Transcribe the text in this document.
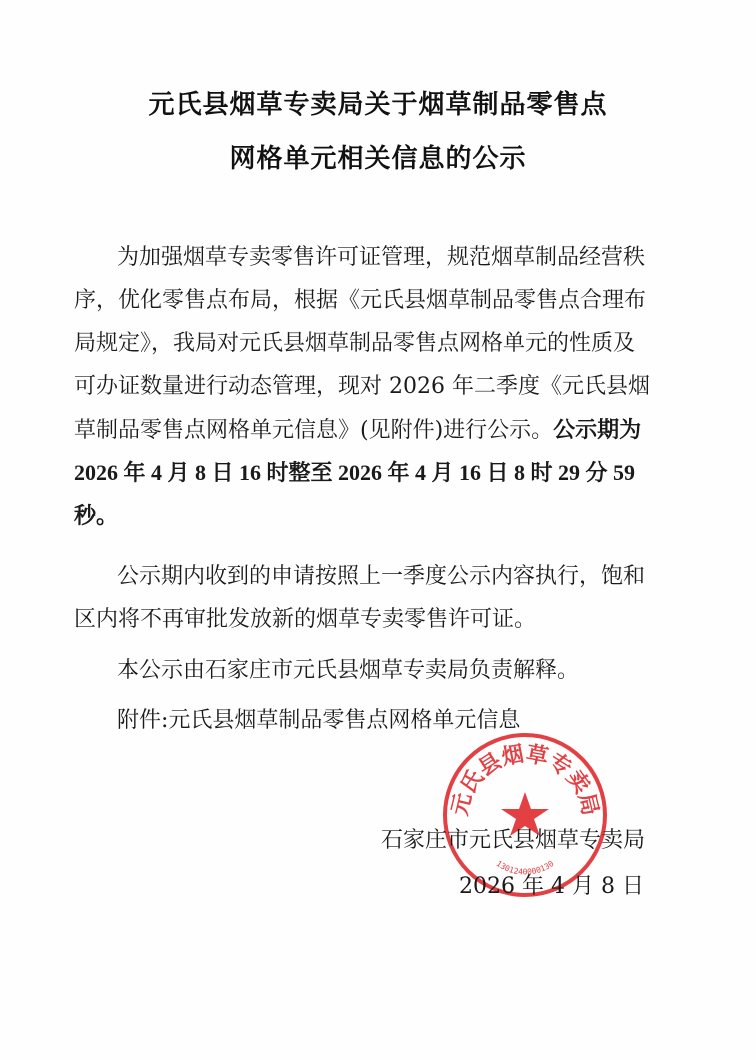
元氏县烟草专卖局关于烟草制品零售点
网格单元相关信息的公示
为加强烟草专卖零售许可证管理，规范烟草制品经营秩
序，优化零售点布局，根据《元氏县烟草制品零售点合理布
局规定》，我局对元氏县烟草制品零售点网格单元的性质及
可办证数量进行动态管理，现对 2026 年二季度《元氏县烟
草制品零售点网格单元信息》(见附件)进行公示。公示期为
2026 年 4 月 8 日 16 时整至 2026 年 4 月 16 日 8 时 29 分 59
秒。
公示期内收到的申请按照上一季度公示内容执行，饱和
区内将不再审批发放新的烟草专卖零售许可证。
本公示由石家庄市元氏县烟草专卖局负责解释。
附件:元氏县烟草制品零售点网格单元信息
元氏县烟草专卖局
1301240000130
石家庄市元氏县烟草专卖局
2026 年 4 月 8 日
